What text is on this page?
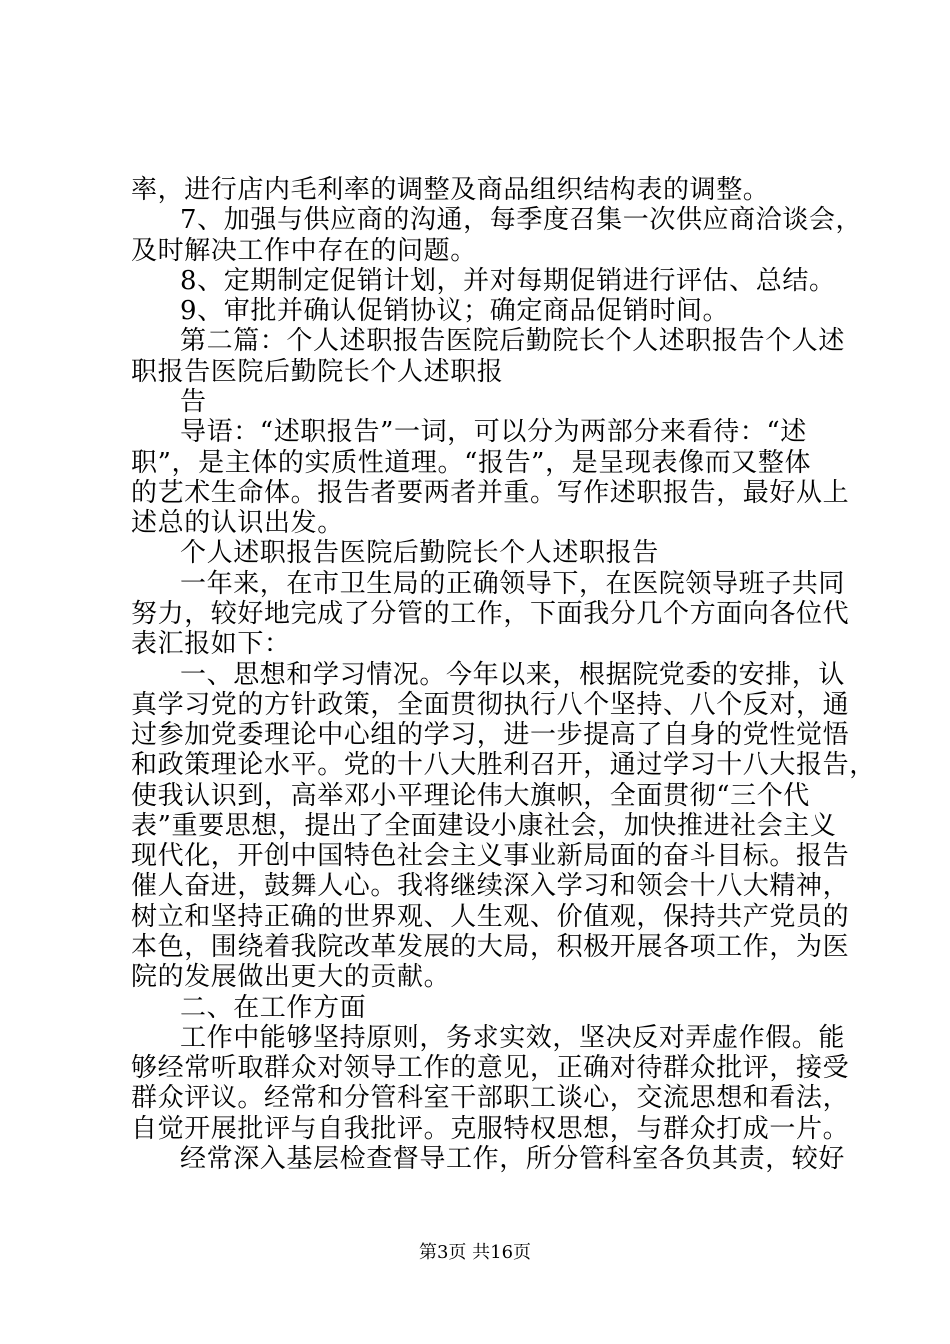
率，进行店内毛利率的调整及商品组织结构表的调整。
7、加强与供应商的沟通，每季度召集一次供应商洽谈会，
及时解决工作中存在的问题。
8、定期制定促销计划，并对每期促销进行评估、总结。
9、审批并确认促销协议；确定商品促销时间。
第二篇：个人述职报告医院后勤院长个人述职报告个人述
职报告医院后勤院长个人述职报
告
导语：“述职报告”一词，可以分为两部分来看待：“述
职”，是主体的实质性道理。“报告”，是呈现表像而又整体
的艺术生命体。报告者要两者并重。写作述职报告，最好从上
述总的认识出发。
个人述职报告医院后勤院长个人述职报告
一年来，在市卫生局的正确领导下，在医院领导班子共同
努力，较好地完成了分管的工作，下面我分几个方面向各位代
表汇报如下：
一、思想和学习情况。今年以来，根据院党委的安排，认
真学习党的方针政策，全面贯彻执行八个坚持、八个反对，通
过参加党委理论中心组的学习，进一步提高了自身的党性觉悟
和政策理论水平。党的十八大胜利召开，通过学习十八大报告，
使我认识到，高举邓小平理论伟大旗帜，全面贯彻“三个代
表”重要思想，提出了全面建设小康社会，加快推进社会主义
现代化，开创中国特色社会主义事业新局面的奋斗目标。报告
催人奋进，鼓舞人心。我将继续深入学习和领会十八大精神，
树立和坚持正确的世界观、人生观、价值观，保持共产党员的
本色，围绕着我院改革发展的大局，积极开展各项工作，为医
院的发展做出更大的贡献。
二、在工作方面
工作中能够坚持原则，务求实效，坚决反对弄虚作假。能
够经常听取群众对领导工作的意见，正确对待群众批评，接受
群众评议。经常和分管科室干部职工谈心，交流思想和看法，
自觉开展批评与自我批评。克服特权思想，与群众打成一片。
经常深入基层检查督导工作，所分管科室各负其责，较好
第3页 共16页
